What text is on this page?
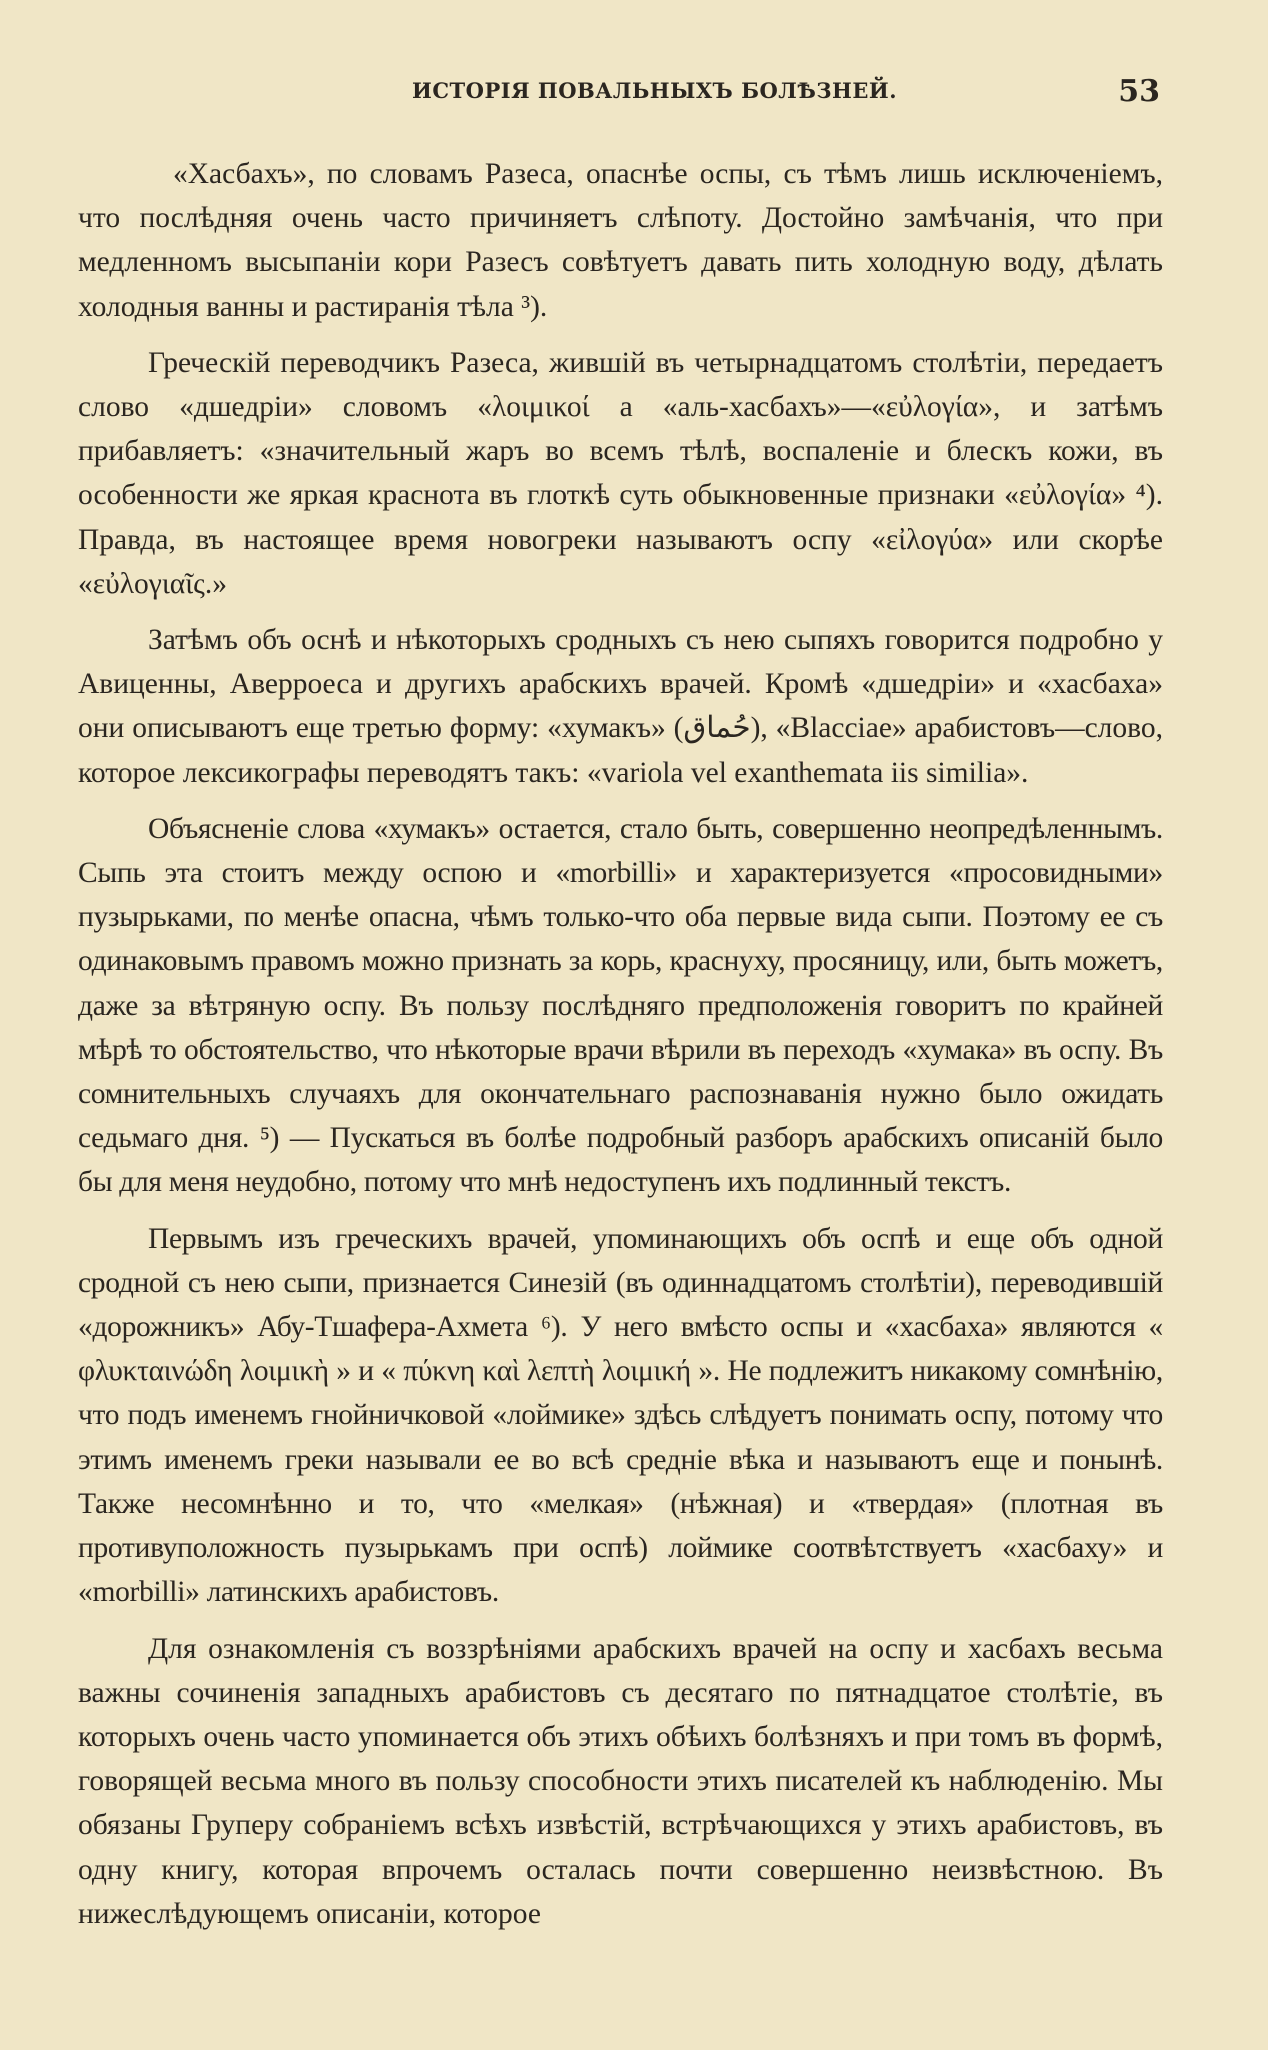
ИСТОРІЯ ПОВАЛЬНЫХЪ БОЛѢЗНЕЙ.	53

«Хасбахъ», по словамъ Разеса, опаснѣе оспы, съ тѣмъ лишь исключеніемъ, что послѣдняя очень часто причиняетъ слѣпоту. Достойно замѣчанія, что при медленномъ высыпаніи кори Разесъ совѣтуетъ давать пить холодную воду, дѣлать холодныя ванны и растиранія тѣла ³).

Греческій переводчикъ Разеса, жившій въ четырнадцатомъ столѣтіи, передаетъ слово «дшедріи» словомъ «λοιμικοί а «аль-хасбахъ»—«εὐλογία», и затѣмъ прибавляетъ: «значительный жаръ во всемъ тѣлѣ, воспаленіе и блескъ кожи, въ особенности же яркая краснота въ глоткѣ суть обыкновенные признаки «εὐλογία» ⁴). Правда, въ настоящее время новогреки называютъ оспу «εἰλογύα» или скорѣе «εὐλογιαῖς.»

Затѣмъ объ оснѣ и нѣкоторыхъ сродныхъ съ нею сыпяхъ говорится подробно у Авиценны, Аверроеса и другихъ арабскихъ врачей. Кромѣ «дшедріи» и «хасбаха» они описываютъ еще третью форму: «хумакъ» (حُماق), «Blacciae» арабистовъ—слово, которое лексикографы переводятъ такъ: «variola vel exanthemata iis similia».

Объясненіе слова «хумакъ» остается, стало быть, совершенно неопредѣленнымъ. Сыпь эта стоитъ между оспою и «morbilli» и характеризуется «просовидными» пузырьками, по менѣе опасна, чѣмъ только-что оба первые вида сыпи. Поэтому ее съ одинаковымъ правомъ можно признать за корь, краснуху, просяницу, или, быть можетъ, даже за вѣтряную оспу. Въ пользу послѣдняго предположенія говоритъ по крайней мѣрѣ то обстоятельство, что нѣкоторые врачи вѣрили въ переходъ «хумака» въ оспу. Въ сомнительныхъ случаяхъ для окончательнаго распознаванія нужно было ожидать седьмаго дня. ⁵) — Пускаться въ болѣе подробный разборъ арабскихъ описаній было бы для меня неудобно, потому что мнѣ недоступенъ ихъ подлинный текстъ.

Первымъ изъ греческихъ врачей, упоминающихъ объ оспѣ и еще объ одной сродной съ нею сыпи, признается Синезій (въ одиннадцатомъ столѣтіи), переводившій «дорожникъ» Абу-Тшафера-Ахмета ⁶). У него вмѣсто оспы и «хасбаха» являются « φλυκταινώδη λοιμικὴ » и « πύκνη καὶ λεπτὴ λοιμική ». Не подлежитъ никакому сомнѣнію, что подъ именемъ гнойничковой «лоймике» здѣсь слѣдуетъ понимать оспу, потому что этимъ именемъ греки называли ее во всѣ средніе вѣка и называютъ еще и понынѣ. Также несомнѣнно и то, что «мелкая» (нѣжная) и «твердая» (плотная въ противуположность пузырькамъ при оспѣ) лоймике соотвѣтствуетъ «хасбаху» и «morbilli» латинскихъ арабистовъ.

Для ознакомленія съ воззрѣніями арабскихъ врачей на оспу и хасбахъ весьма важны сочиненія западныхъ арабистовъ съ десятаго по пятнадцатое столѣтіе, въ которыхъ очень часто упоминается объ этихъ обѣихъ болѣзняхъ и при томъ въ формѣ, говорящей весьма много въ пользу способности этихъ писателей къ наблюденію. Мы обязаны Груперу собраніемъ всѣхъ извѣстій, встрѣчающихся у этихъ арабистовъ, въ одну книгу, которая впрочемъ осталась почти совершенно неизвѣстною. Въ нижеслѣдующемъ описаніи, которое
